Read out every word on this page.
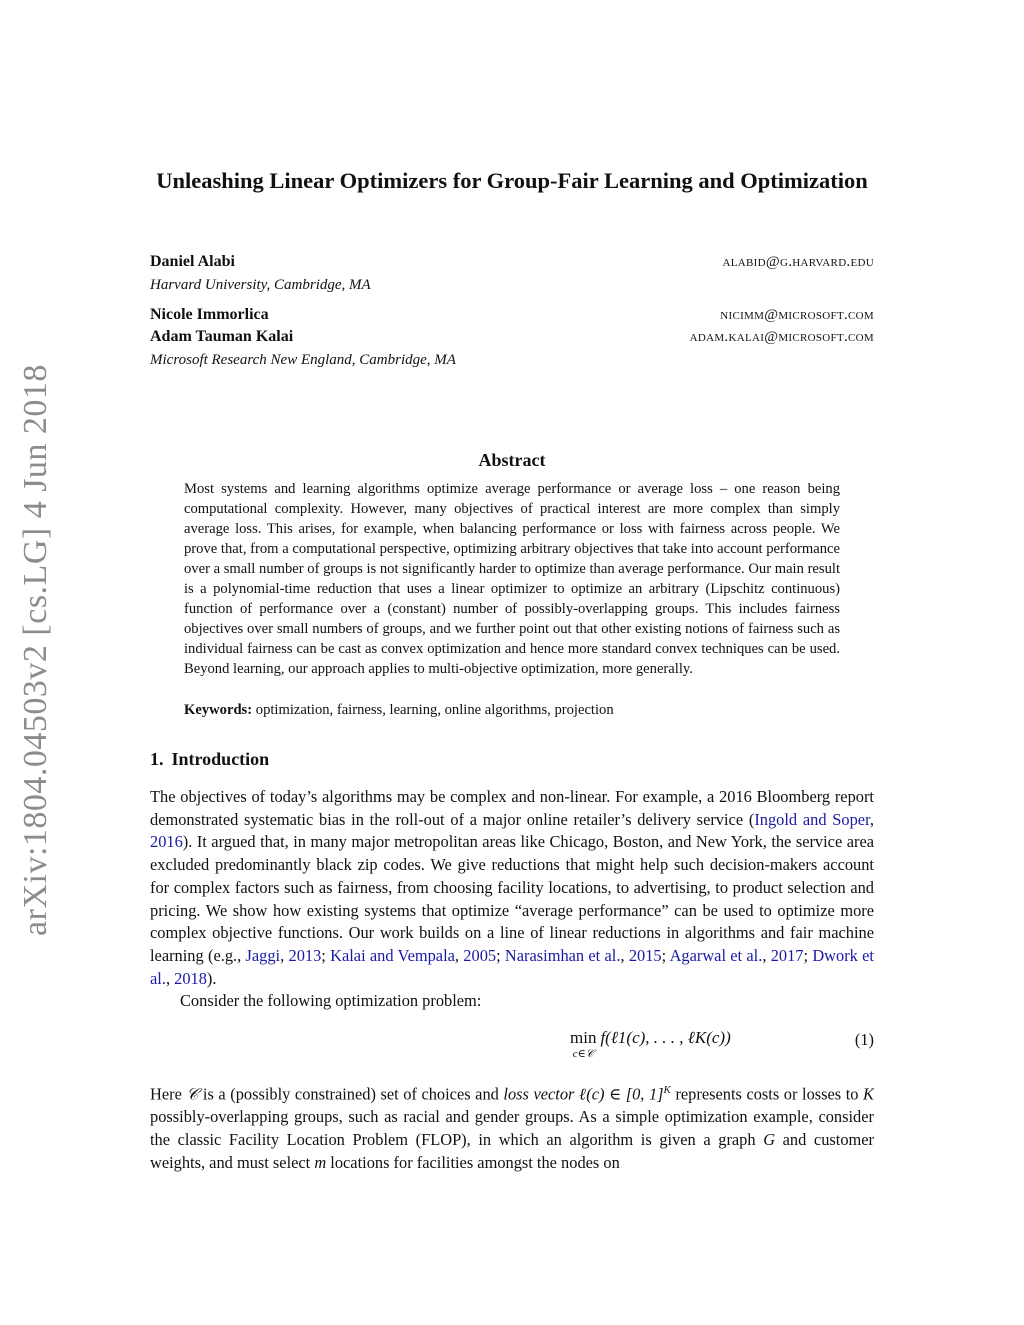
arXiv:1804.04503v2 [cs.LG] 4 Jun 2018
Unleashing Linear Optimizers for Group-Fair Learning and Optimization
Daniel Alabi	alabid@g.harvard.edu
Harvard University, Cambridge, MA
Nicole Immorlica	nicimm@microsoft.com
Adam Tauman Kalai	adam.kalai@microsoft.com
Microsoft Research New England, Cambridge, MA
Abstract
Most systems and learning algorithms optimize average performance or average loss – one reason being computational complexity. However, many objectives of practical interest are more complex than simply average loss. This arises, for example, when balancing performance or loss with fairness across people. We prove that, from a computational perspective, optimizing arbitrary objectives that take into account performance over a small number of groups is not significantly harder to optimize than average performance. Our main result is a polynomial-time reduction that uses a linear optimizer to optimize an arbitrary (Lipschitz continuous) function of performance over a (constant) number of possibly-overlapping groups. This includes fairness objectives over small numbers of groups, and we further point out that other existing notions of fairness such as individual fairness can be cast as convex optimization and hence more standard convex techniques can be used. Beyond learning, our approach applies to multi-objective optimization, more generally.
Keywords: optimization, fairness, learning, online algorithms, projection
1. Introduction
The objectives of today’s algorithms may be complex and non-linear. For example, a 2016 Bloomberg report demonstrated systematic bias in the roll-out of a major online retailer’s delivery service (Ingold and Soper, 2016). It argued that, in many major metropolitan areas like Chicago, Boston, and New York, the service area excluded predominantly black zip codes. We give reductions that might help such decision-makers account for complex factors such as fairness, from choosing facility locations, to advertising, to product selection and pricing. We show how existing systems that optimize “average performance” can be used to optimize more complex objective functions. Our work builds on a line of linear reductions in algorithms and fair machine learning (e.g., Jaggi, 2013; Kalai and Vempala, 2005; Narasimhan et al., 2015; Agarwal et al., 2017; Dwork et al., 2018).
Consider the following optimization problem:
min
c∈𝒞
f(ℓ1(c), . . . , ℓK(c))	(1)
Here 𝒞 is a (possibly constrained) set of choices and loss vector ℓ(c) ∈ [0, 1]$^K$ represents costs or losses to K possibly-overlapping groups, such as racial and gender groups. As a simple optimization example, consider the classic Facility Location Problem (FLOP), in which an algorithm is given a graph G and customer weights, and must select m locations for facilities amongst the nodes on
